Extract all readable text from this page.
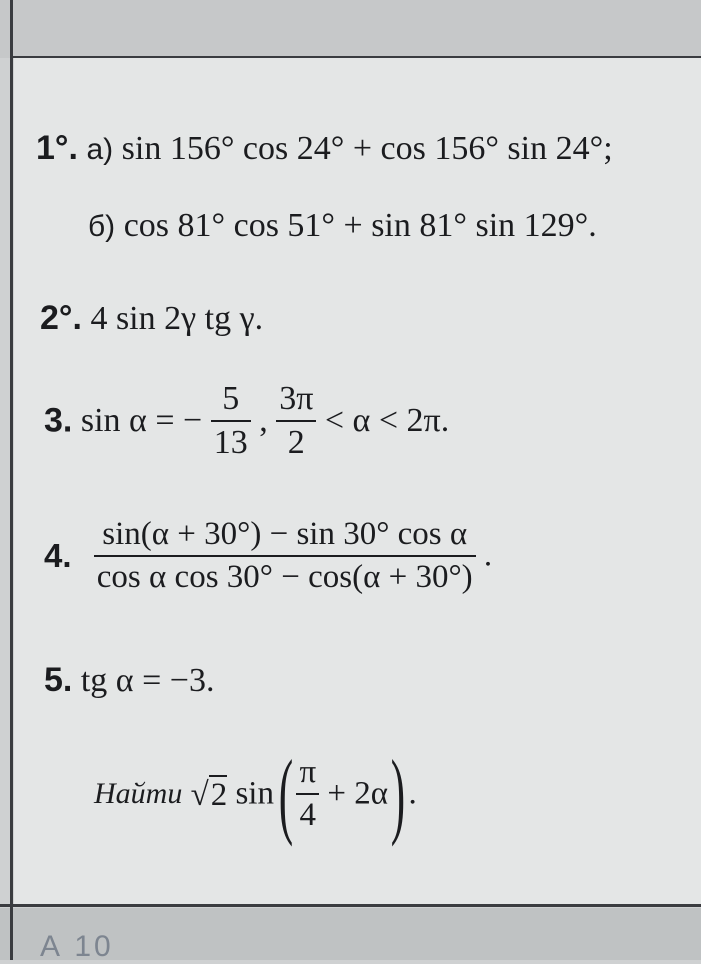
1°. а) sin 156° cos 24° + cos 156° sin 24°;
б) cos 81° cos 51° + sin 81° sin 129°.
2°. 4 sin 2γ tg γ.
3. sin α = − $\frac{5}{13}$ , $\frac{3\pi}{2} < \alpha < 2\pi$.
4. $\frac{\text{sin(α + 30°) − sin 30° cos α}}{\text{cos α cos 30° − cos(α + 30°)}}$ .
5. tg α = −3.
Найти √2 sin ( $\frac{\pi}{4} + 2\alpha$ ) .
А 10
